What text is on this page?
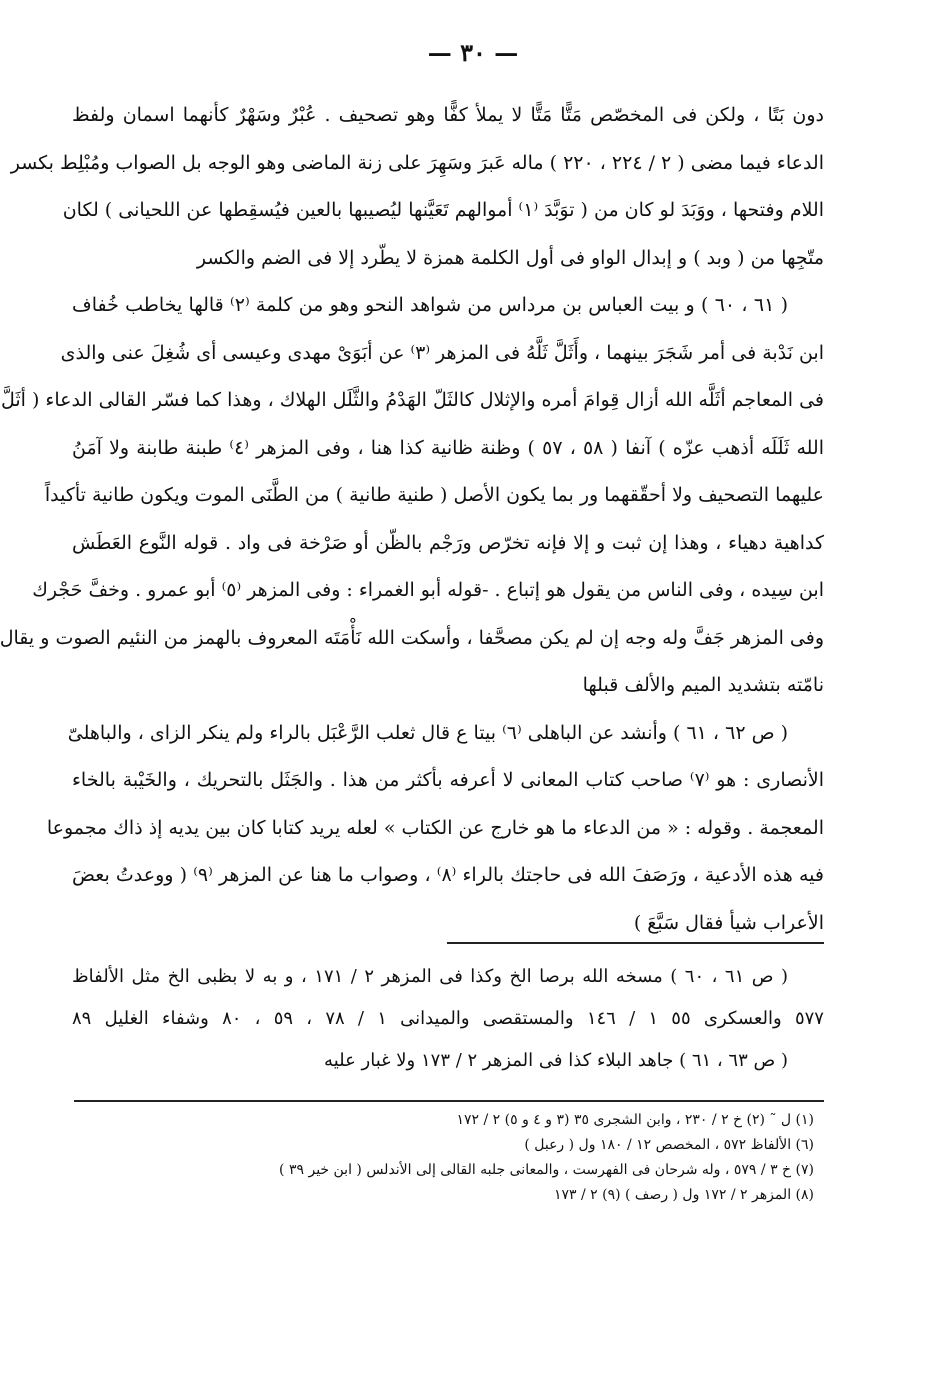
— ٣٠ —
دون بَتًا ، ولكن فى المخصّص مَتًّا مَتًّا لا يملأ كفًّا وهو تصحيف . عُبْرٌ وسَهْرٌ كأنهما اسمان ولفظ
الدعاء فيما مضى ( ٢ / ٢٢٤ ، ٢٢٠ ) ماله عَبرَ وسَهِرَ على زنة الماضى وهو الوجه بل الصواب ومُبْلِط بكسر
اللام وفتحها ، ووَبَدَ لو كان من ( توَبَّدَ ⁽١⁾ أموالهم تَعَيَّنها ليُصيبها بالعين فيُسقِطها عن اللحيانى ) لكان
متّجِها من ( وبد ) و إبدال الواو فى أول الكلمة همزة لا يطّرد إلا فى الضم والكسر
( ٦١ ، ٦٠ ) و بيت العباس بن مرداس من شواهد النحو وهو من كلمة ⁽٢⁾ قالها يخاطب خُفاف
ابن نَدْبة فى أمر شَجَرَ بينهما ، وأَثَلَّ ثَلَّهُ فى المزهر ⁽٣⁾ عن أبَوَىْ مهدى وعيسى أى شُغِلَ عنى والذى
فى المعاجم أثَلَّه الله أزال قِوامَ أمره والإثلال كالثَلّ الهَدْمُ والثَّلَل الهلاك ، وهذا كما فسّر القالى الدعاء ( أثَلَّ
الله ثَلَلَه أذهب عزّه ) آنفا ( ٥٨ ، ٥٧ ) وظنة ظانية كذا هنا ، وفى المزهر ⁽٤⁾ طبنة طابنة ولا آمَنُ
عليهما التصحيف ولا أحقّقهما ور بما يكون الأصل ( طنية طانية ) من الطَّنَى الموت ويكون طانية تأكيداً
كداهية دهياء ، وهذا إن ثبت و إلا فإنه تخرّص ورَجْم بالظّن أو صَرْخة فى واد . قوله النَّوع العَطَش
ابن سِيده ، وفى الناس من يقول هو إتباع . -قوله أبو الغمراء : وفى المزهر ⁽٥⁾ أبو عمرو . وخفَّ حَجْرك
وفى المزهر جَفَّ وله وجه إن لم يكن مصحَّفا ، وأسكت الله نَأْمَتَه المعروف بالهمز من النئيم الصوت و يقال
نامّته بتشديد الميم والألف قبلها
( ص ٦٢ ، ٦١ ) وأنشد عن الباهلى ⁽٦⁾ بيتا ع قال ثعلب الرَّعْبَل بالراء ولم ينكر الزاى ، والباهلىّ
الأنصارى : هو ⁽٧⁾ صاحب كتاب المعانى لا أعرفه بأكثر من هذا . والجَثَل بالتحريك ، والخَيْبة بالخاء
المعجمة . وقوله : « من الدعاء ما هو خارج عن الكتاب » لعله يريد كتابا كان بين يديه إذ ذاك مجموعا
فيه هذه الأدعية ، ورَصَفَ الله فى حاجتك بالراء ⁽٨⁾ ، وصواب ما هنا عن المزهر ⁽٩⁾ ( ووعدتُ بعضَ
الأعراب شيأ فقال سَبَّعَ )
( ص ٦١ ، ٦٠ ) مسخه الله برصا الخ وكذا فى المزهر ٢ / ١٧١ ، و به لا بظبى الخ مثل الألفاظ
٥٧٧ والعسكرى ٥٥ ١ / ١٤٦ والمستقصى والميدانى ١ / ٧٨ ، ٥٩ ، ٨٠ وشفاء الغليل ٨٩
( ص ٦٣ ، ٦١ ) جاهد البلاء كذا فى المزهر ٢ / ١٧٣ ولا غبار عليه
(١) ل ˜ (٢) خ ٢ / ٢٣٠ ، وابن الشجرى ٣٥ (٣ و ٤ و ٥) ٢ / ١٧٢
(٦) الألفاظ ٥٧٢ ، المخصص ١٢ / ١٨٠ ول ( رعبل )
(٧) خ ٣ / ٥٧٩ ، وله شرحان فى الفهرست ، والمعانى جلبه القالى إلى الأندلس ( ابن خير ٣٩ )
(٨) المزهر ٢ / ١٧٢ ول ( رصف ) (٩) ٢ / ١٧٣
